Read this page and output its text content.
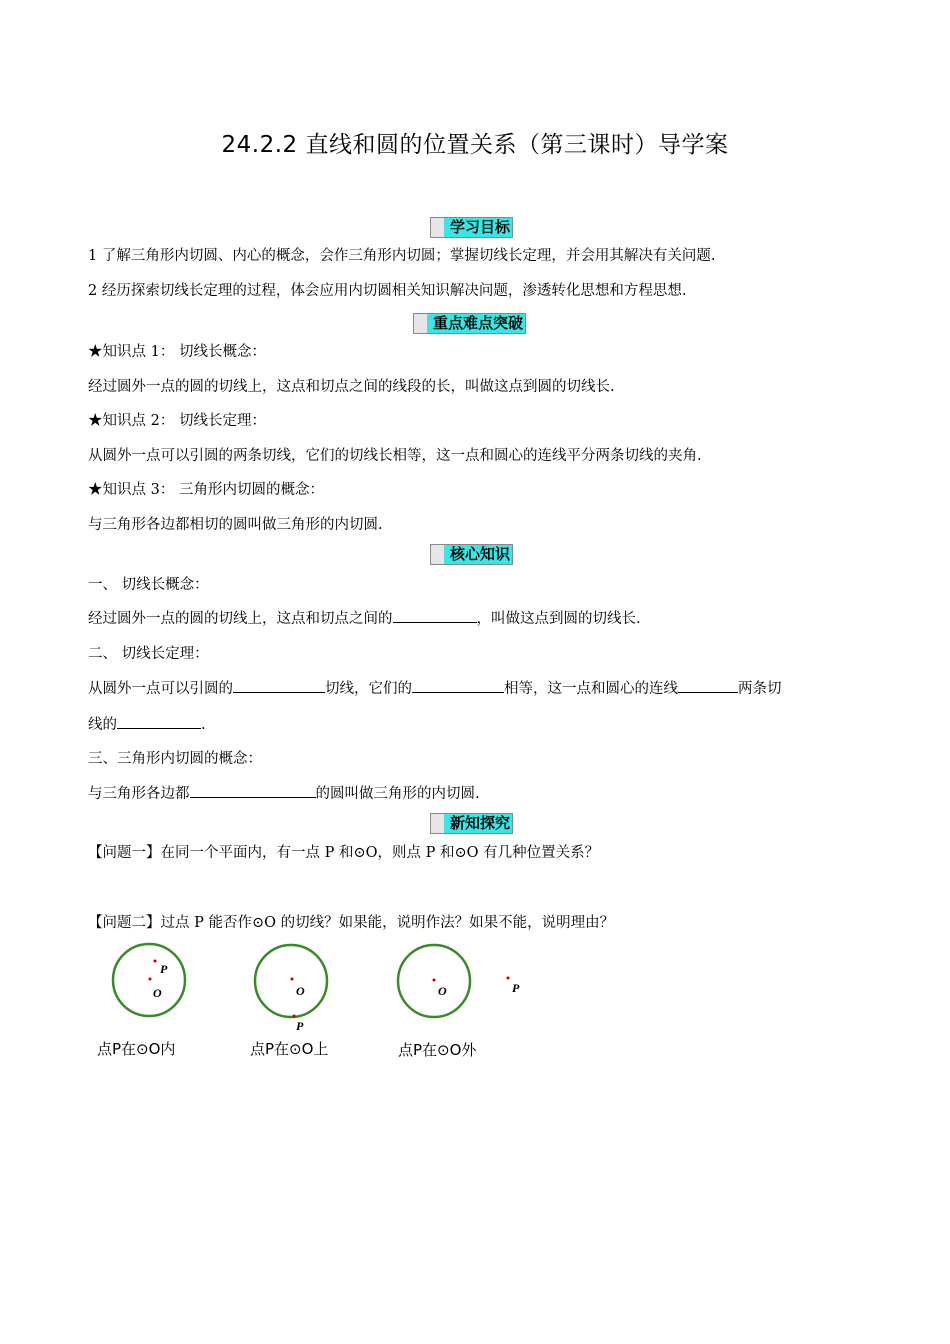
24.2.2 直线和圆的位置关系（第三课时）导学案
学习目标
1 了解三角形内切圆、内心的概念，会作三角形内切圆；掌握切线长定理，并会用其解决有关问题.
2 经历探索切线长定理的过程，体会应用内切圆相关知识解决问题，渗透转化思想和方程思想.
重点难点突破
★知识点 1： 切线长概念：
经过圆外一点的圆的切线上，这点和切点之间的线段的长，叫做这点到圆的切线长.
★知识点 2： 切线长定理：
从圆外一点可以引圆的两条切线，它们的切线长相等，这一点和圆心的连线平分两条切线的夹角.
★知识点 3： 三角形内切圆的概念：
与三角形各边都相切的圆叫做三角形的内切圆.
核心知识
一、 切线长概念：
经过圆外一点的圆的切线上，这点和切点之间的	，叫做这点到圆的切线长.
二、 切线长定理：
从圆外一点可以引圆的	切线，它们的	相等，这一点和圆心的连线	两条切
线的	.
三、三角形内切圆的概念：
与三角形各边都	的圆叫做三角形的内切圆.
新知探究
【问题一】在同一个平面内，有一点 P 和⊙O，则点 P 和⊙O 有几种位置关系？
【问题二】过点 P 能否作⊙O 的切线？如果能，说明作法？如果不能，说明理由？
O
P
O
P
O	P
点P在⊙O内	点P在⊙O上	点P在⊙O外
